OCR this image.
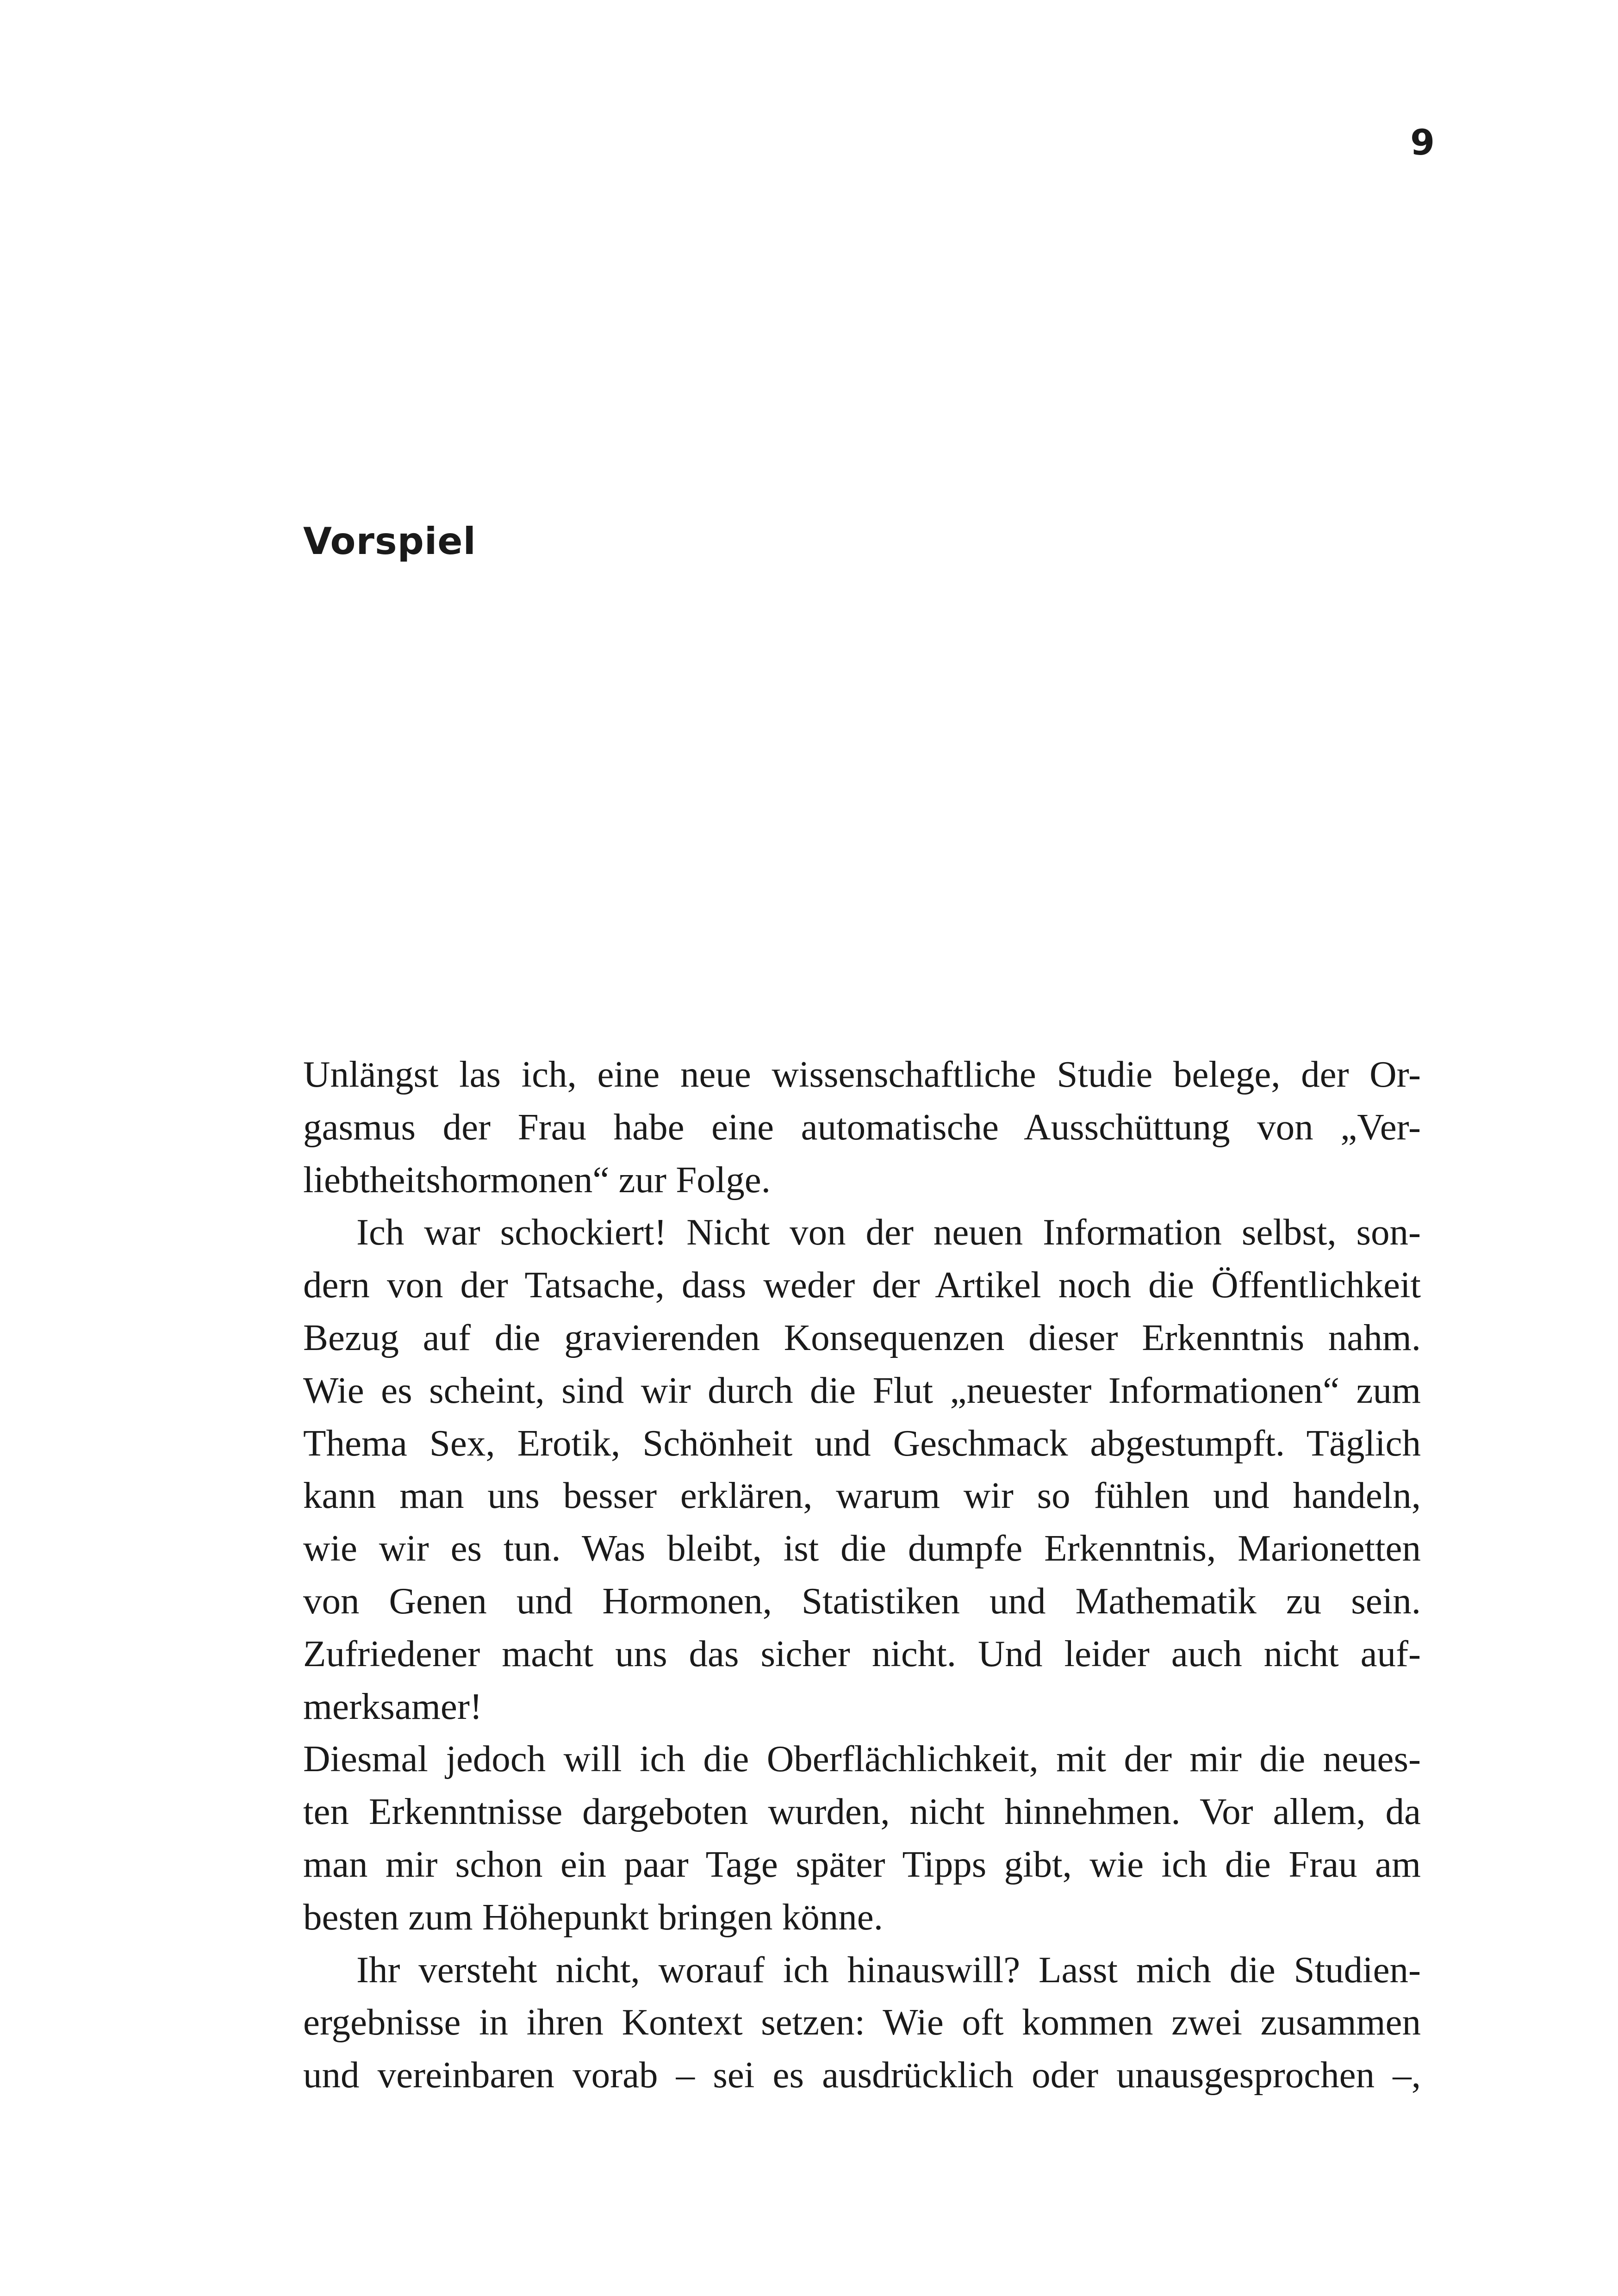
9
Vorspiel
Unlängst las ich, eine neue wissenschaftliche Studie belege, der Or-
gasmus der Frau habe eine automatische Ausschüttung von „Ver-
liebtheitshormonen“ zur Folge.
Ich war schockiert! Nicht von der neuen Information selbst, son-
dern von der Tatsache, dass weder der Artikel noch die Öffentlichkeit
Bezug auf die gravierenden Konsequenzen dieser Erkenntnis nahm.
Wie es scheint, sind wir durch die Flut „neuester Informationen“ zum
Thema Sex, Erotik, Schönheit und Geschmack abgestumpft. Täglich
kann man uns besser erklären, warum wir so fühlen und handeln,
wie wir es tun. Was bleibt, ist die dumpfe Erkenntnis, Marionetten
von Genen und Hormonen, Statistiken und Mathematik zu sein.
Zufriedener macht uns das sicher nicht. Und leider auch nicht auf-
merksamer!
Diesmal jedoch will ich die Oberflächlichkeit, mit der mir die neues-
ten Erkenntnisse dargeboten wurden, nicht hinnehmen. Vor allem, da
man mir schon ein paar Tage später Tipps gibt, wie ich die Frau am
besten zum Höhepunkt bringen könne.
Ihr versteht nicht, worauf ich hinauswill? Lasst mich die Studien-
ergebnisse in ihren Kontext setzen: Wie oft kommen zwei zusammen
und vereinbaren vorab – sei es ausdrücklich oder unausgesprochen –,
